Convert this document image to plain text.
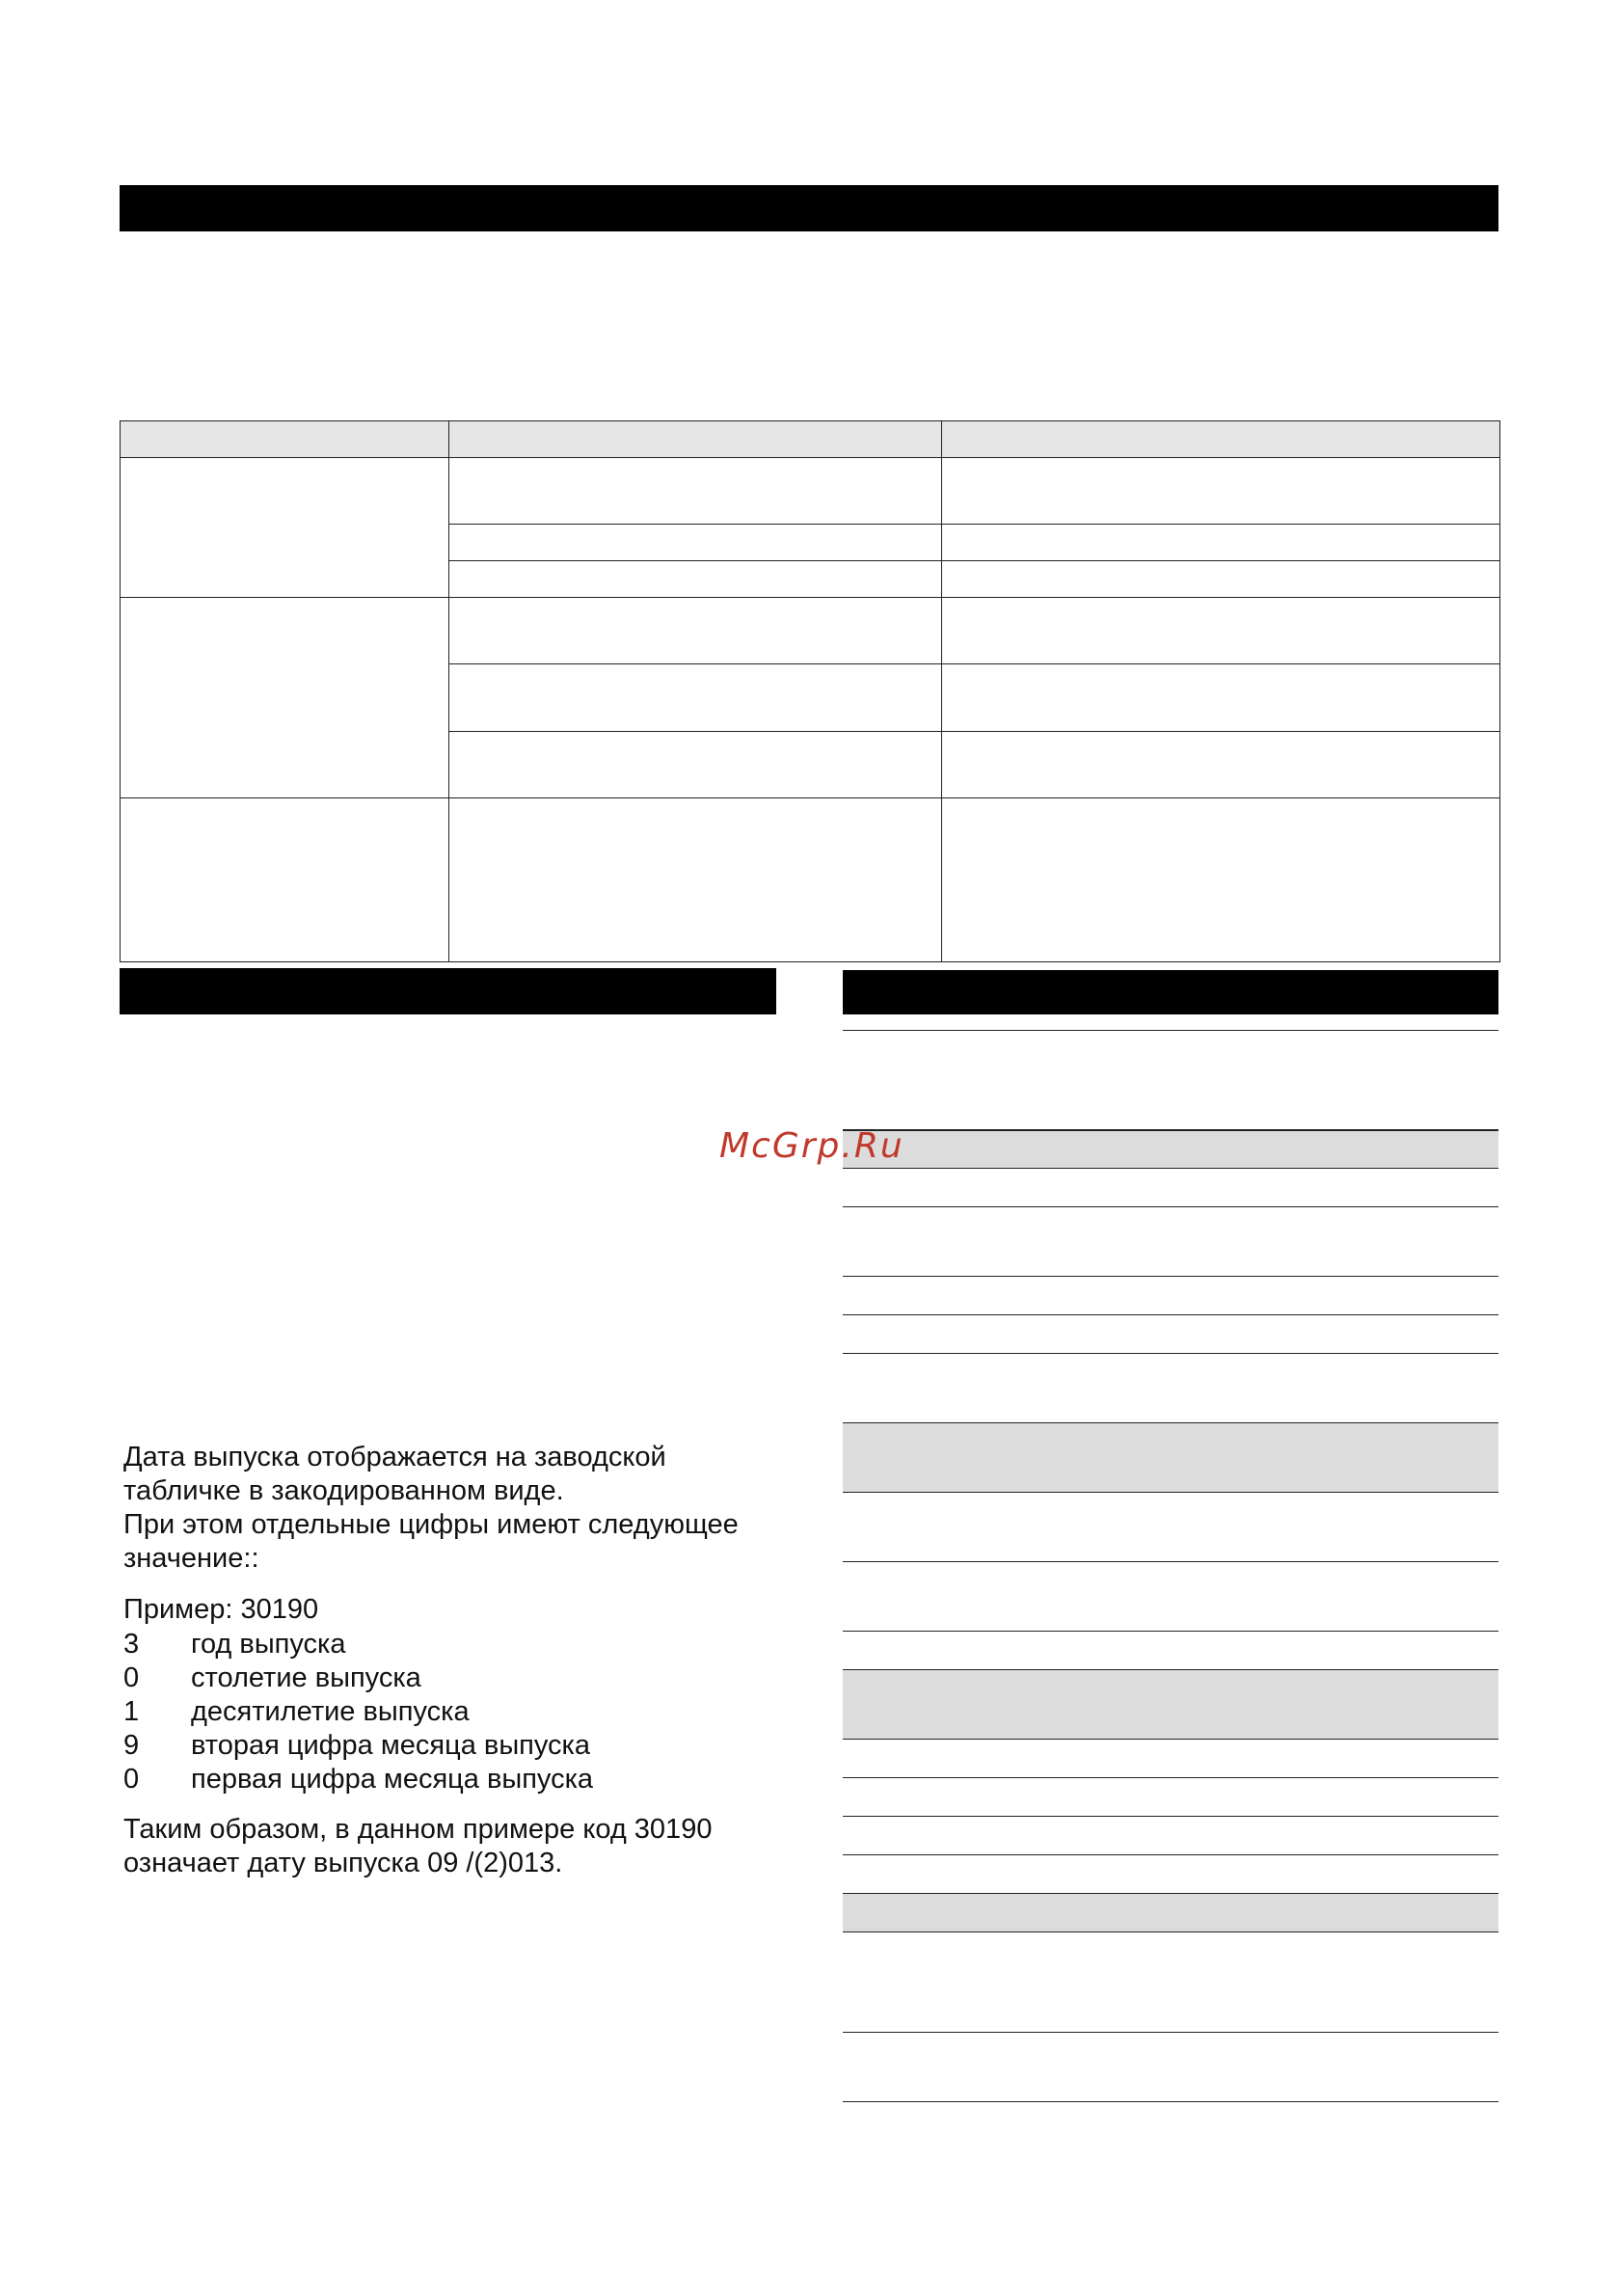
McGrp.Ru

Дата выпуска отображается на заводской табличке в закодированном виде.

При этом отдельные цифры имеют следующее значение::

Пример: 30190
3	год выпуска
0	столетие выпуска
1	десятилетие выпуска
9	вторая цифра месяца выпуска
0	первая цифра месяца выпуска

Таким образом, в данном примере код 30190 означает дату выпуска 09 /(2)013.
